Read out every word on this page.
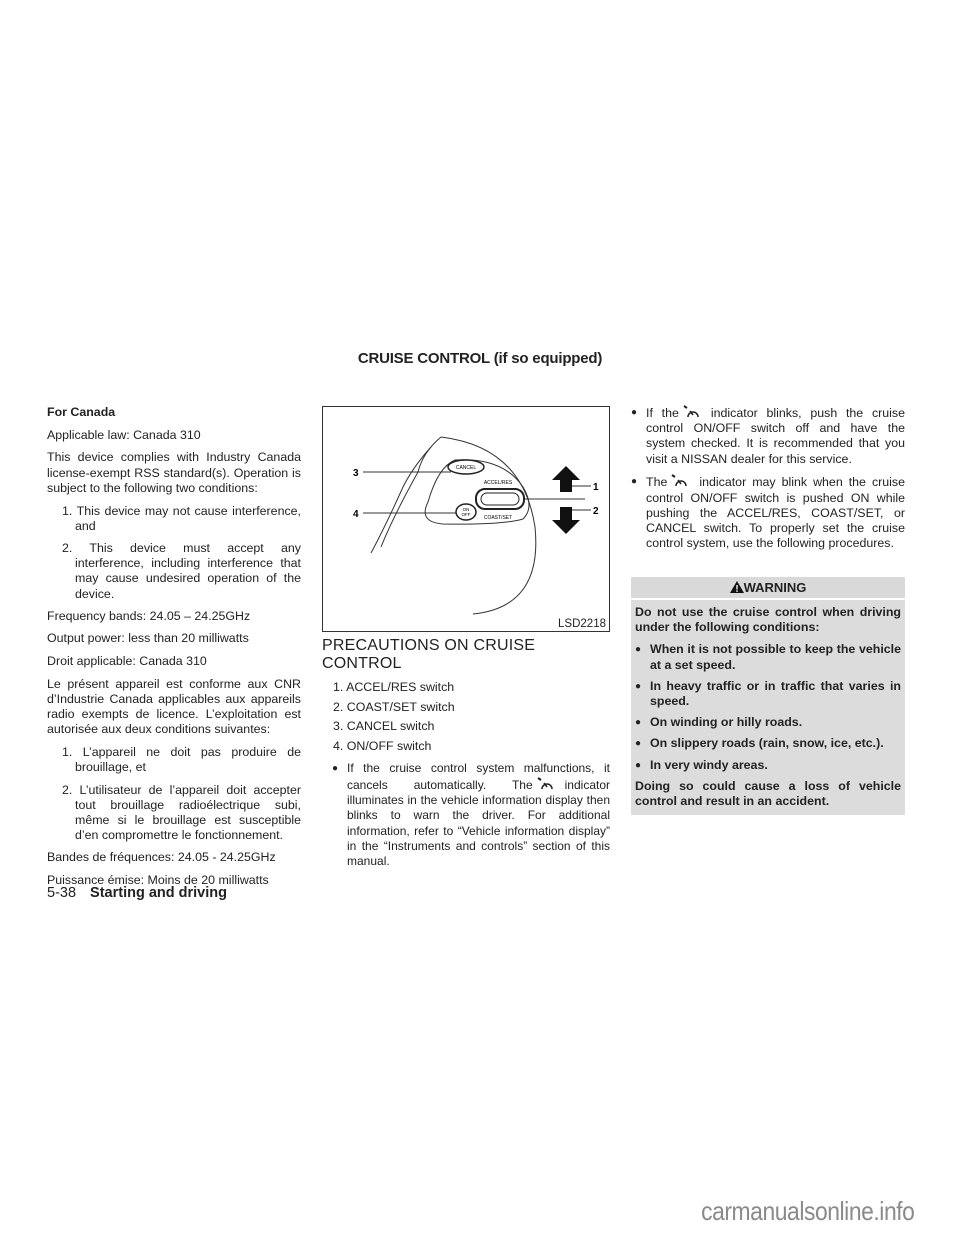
CRUISE CONTROL (if so equipped)

For Canada

Applicable law: Canada 310

This device complies with Industry Canada license-exempt RSS standard(s). Operation is subject to the following two conditions:

1. This device may not cause interference, and
2. This device must accept any interference, including interference that may cause undesired operation of the device.

Frequency bands: 24.05 – 24.25GHz

Output power: less than 20 milliwatts

Droit applicable: Canada 310

Le présent appareil est conforme aux CNR d’Industrie Canada applicables aux appareils radio exempts de licence. L’exploitation est autorisée aux deux conditions suivantes:

1. L’appareil ne doit pas produire de brouillage, et
2. L’utilisateur de l’appareil doit accepter tout brouillage radioélectrique subi, même si le brouillage est susceptible d’en compromettre le fonctionnement.

Bandes de fréquences: 24.05 - 24.25GHz

Puissance émise: Moins de 20 milliwatts

CANCEL
ACCEL/RES
COAST/SET
ON
OFF
3
4
1
2
LSD2218
PRECAUTIONS ON CRUISE
CONTROL
1. ACCEL/RES switch
2. COAST/SET switch
3. CANCEL switch
4. ON/OFF switch
● If the cruise control system malfunctions, it cancels automatically. The	indicator illuminates in the vehicle information display then blinks to warn the driver. For additional information, refer to “Vehicle information display” in the “Instruments and controls” section of this manual.
● If the	indicator blinks, push the cruise control ON/OFF switch off and have the system checked. It is recommended that you visit a NISSAN dealer for this service.
● The	indicator may blink when the cruise control ON/OFF switch is pushed ON while pushing the ACCEL/RES, COAST/SET, or CANCEL switch. To properly set the cruise control system, use the following procedures.
WARNING

Do not use the cruise control when driving under the following conditions:

● When it is not possible to keep the vehicle at a set speed.
● In heavy traffic or in traffic that varies in speed.
● On winding or hilly roads.
● On slippery roads (rain, snow, ice, etc.).
● In very windy areas.

Doing so could cause a loss of vehicle control and result in an accident.

5-38 Starting and driving
carmanualsonline.info
